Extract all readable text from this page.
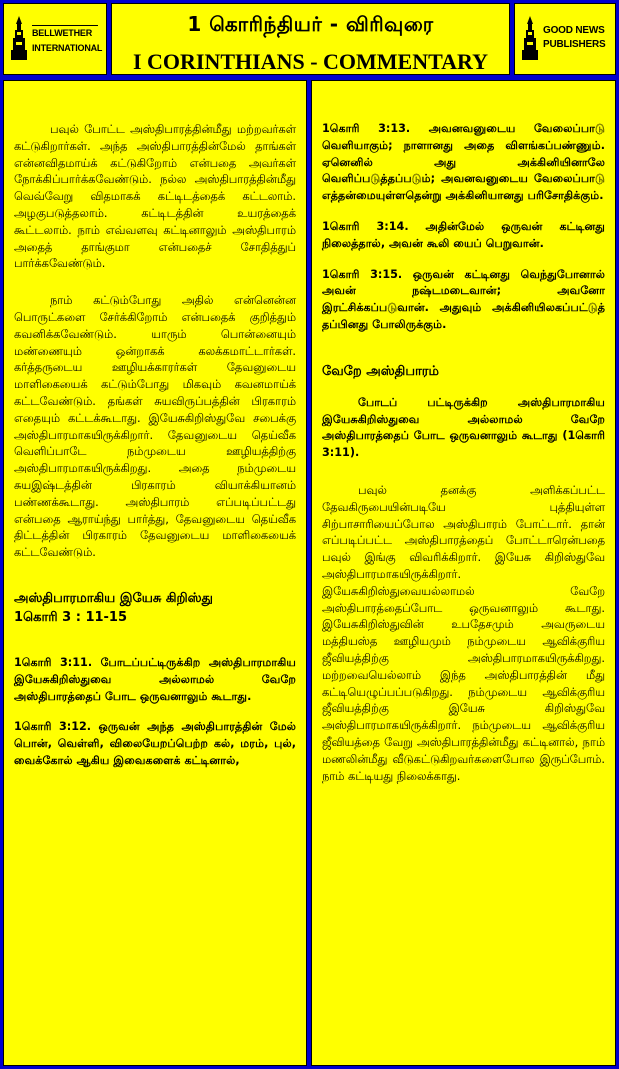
BELLWETHER
INTERNATIONAL
1 கொரிந்தியர் - விரிவுரை
I CORINTHIANS - COMMENTARY
GOOD NEWS
PUBLISHERS

பவுல் போட்ட அஸ்திபாரத்தின்மீது மற்றவர்கள் கட்டுகிறார்கள். அந்த அஸ்திபாரத்தின்மேல் தாங்கள் என்னவிதமாய்க் கட்டுகிறோம் என்பதை அவர்கள் நோக்கிப்பார்க்கவேண்டும். நல்ல அஸ்திபாரத்தின்மீது வெவ்வேறு விதமாகக் கட்டிடத்தைக் கட்டலாம். அழகுபடுத்தலாம். கட்டிடத்தின் உயரத்தைக் கூட்டலாம். நாம் எவ்வளவு கட்டினாலும் அஸ்திபாரம் அதைத் தாங்குமா என்பதைச் சோதித்துப் பார்க்கவேண்டும்.

நாம் கட்டும்போது அதில் என்னென்ன பொருட்களை சேர்க்கிறோம் என்பதைக் குறித்தும் கவனிக்கவேண்டும். யாரும் பொன்னையும் மண்ணையும் ஒன்றாகக் கலக்கமாட்டார்கள். கர்த்தருடைய ஊழியக்காரர்கள் தேவனுடைய மாளிகையைக் கட்டும்போது மிகவும் கவனமாய்க் கட்டவேண்டும். தங்கள் சுயவிருப்பத்தின் பிரகாரம் எதையும் கட்டக்கூடாது. இயேசுகிறிஸ்துவே சபைக்கு அஸ்திபாரமாகயிருக்கிறார். தேவனுடைய தெய்வீக வெளிப்பாடே நம்முடைய ஊழியத்திற்கு அஸ்திபாரமாகயிருக்கிறது. அதை நம்முடைய சுயஇஷ்டத்தின் பிரகாரம் வியாக்கியானம் பண்ணக்கூடாது. அஸ்திபாரம் எப்படிப்பட்டது என்பதை ஆராய்ந்து பார்த்து, தேவனுடைய தெய்வீக திட்டத்தின் பிரகாரம் தேவனுடைய மாளிகையைக் கட்டவேண்டும்.

அஸ்திபாரமாகிய இயேசு கிறிஸ்து

1கொரி 3 : 11-15

1கொரி 3:11. போடப்பட்டிருக்கிற அஸ்திபாரமாகிய இயேசுகிறிஸ்துவை அல்லாமல் வேறே அஸ்திபாரத்தைப் போட ஒருவனாலும் கூடாது.

1கொரி 3:12. ஒருவன் அந்த அஸ்திபாரத்தின் மேல் பொன், வெள்ளி, விலையேறப்பெற்ற கல், மரம், புல், வைக்கோல் ஆகிய இவைகளைக் கட்டினால்,

1கொரி 3:13. அவனவனுடைய வேலைப்பாடு வெளியாகும்; நாளானது அதை விளங்கப்பண்ணும். ஏனெனில் அது அக்கினியினாலே வெளிப்படுத்தப்படும்; அவனவனுடைய வேலைப்பாடு எத்தன்மையுள்ளதென்று அக்கினியானது பரிசோதிக்கும்.

1கொரி 3:14. அதின்மேல் ஒருவன் கட்டினது நிலைத்தால், அவன் கூலி யைப் பெறுவான்.

1கொரி 3:15. ஒருவன் கட்டினது வெந்துபோனால் அவன் நஷ்டமடைவான்; அவனோ இரட்சிக்கப்படுவான். அதுவும் அக்கினியிலகப்பட்டுத் தப்பினது போலிருக்கும்.

வேறே அஸ்திபாரம்

போடப் பட்டிருக்கிற அஸ்திபாரமாகிய இயேசுகிறிஸ்துவை அல்லாமல் வேறே அஸ்திபாரத்தைப் போட ஒருவனாலும் கூடாது (1கொரி 3:11).

பவுல் தனக்கு அளிக்கப்பட்ட தேவகிருபையின்படியே புத்தியுள்ள சிற்பாசாரியைப்போல அஸ்திபாரம் போட்டார். தான் எப்படிப்பட்ட அஸ்திபாரத்தைப் போட்டாரென்பதை பவுல் இங்கு விவரிக்கிறார். இயேசு கிறிஸ்துவே அஸ்திபாரமாகயிருக்கிறார். இயேசுகிறிஸ்துவையல்லாமல் வேறே அஸ்திபாரத்தைப்போட ஒருவனாலும் கூடாது. இயேசுகிறிஸ்துவின் உபதேசமும் அவருடைய மத்தியஸ்த ஊழியமும் நம்முடைய ஆவிக்குரிய ஜீவியத்திற்கு அஸ்திபாரமாகயிருக்கிறது. மற்றவையெல்லாம் இந்த அஸ்திபாரத்தின் மீது கட்டியெழுப்பப்படுகிறது. நம்முடைய ஆவிக்குரிய ஜீவியத்திற்கு இயேசு கிறிஸ்துவே அஸ்திபாரமாகயிருக்கிறார். நம்முடைய ஆவிக்குரிய ஜீவியத்தை வேறு அஸ்திபாரத்தின்மீது கட்டினால், நாம் மணலின்மீது வீடுகட்டுகிறவர்களைபோல இருப்போம். நாம் கட்டியது நிலைக்காது.
